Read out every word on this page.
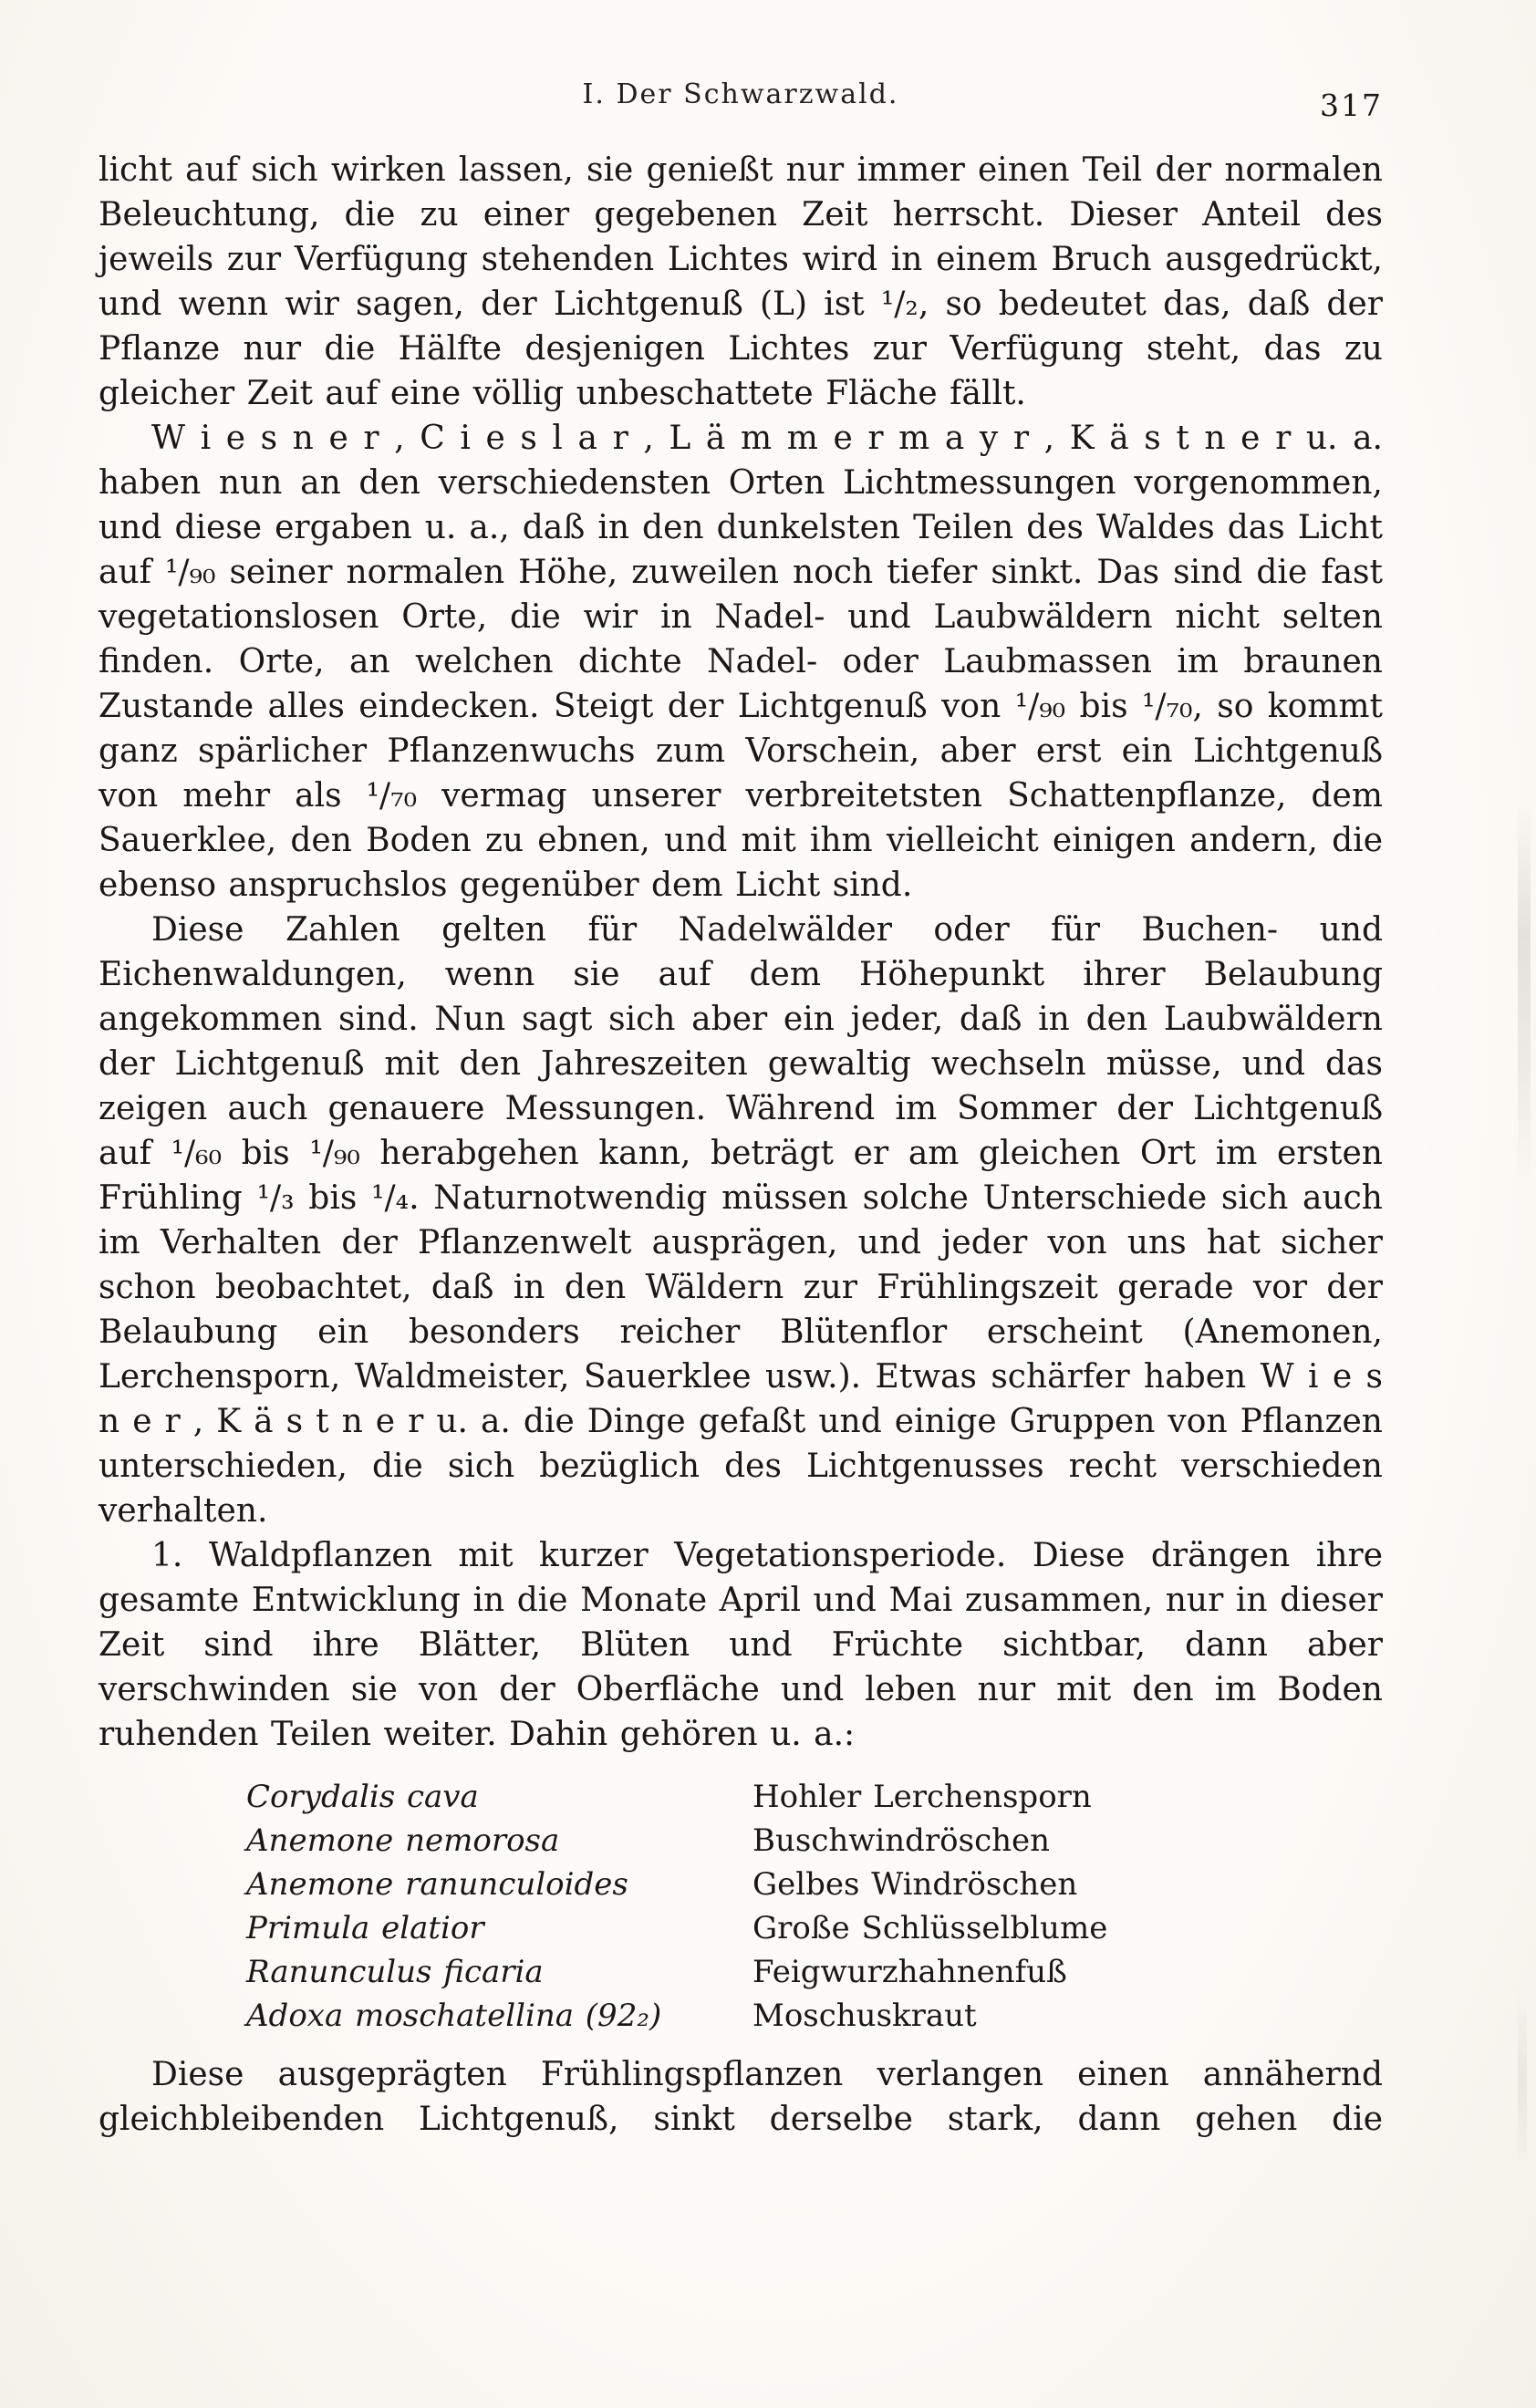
I. Der Schwarzwald.	317

licht auf sich wirken lassen, sie genießt nur immer einen Teil der normalen Beleuchtung, die zu einer gegebenen Zeit herrscht. Dieser Anteil des jeweils zur Verfügung stehenden Lichtes wird in einem Bruch ausgedrückt, und wenn wir sagen, der Lichtgenuß (L) ist ¹/₂, so bedeutet das, daß der Pflanze nur die Hälfte desjenigen Lichtes zur Verfügung steht, das zu gleicher Zeit auf eine völlig unbeschattete Fläche fällt.

W i e s n e r , C i e s l a r , L ä m m e r m a y r , K ä s t n e r u. a. haben nun an den verschiedensten Orten Lichtmessungen vorgenommen, und diese ergaben u. a., daß in den dunkelsten Teilen des Waldes das Licht auf ¹/₉₀ seiner normalen Höhe, zuweilen noch tiefer sinkt. Das sind die fast vegetationslosen Orte, die wir in Nadel- und Laubwäldern nicht selten finden. Orte, an welchen dichte Nadel- oder Laubmassen im braunen Zustande alles eindecken. Steigt der Lichtgenuß von ¹/₉₀ bis ¹/₇₀, so kommt ganz spärlicher Pflanzenwuchs zum Vorschein, aber erst ein Lichtgenuß von mehr als ¹/₇₀ vermag unserer verbreitetsten Schattenpflanze, dem Sauerklee, den Boden zu ebnen, und mit ihm vielleicht einigen andern, die ebenso anspruchslos gegenüber dem Licht sind.

Diese Zahlen gelten für Nadelwälder oder für Buchen- und Eichenwaldungen, wenn sie auf dem Höhepunkt ihrer Belaubung angekommen sind. Nun sagt sich aber ein jeder, daß in den Laubwäldern der Lichtgenuß mit den Jahreszeiten gewaltig wechseln müsse, und das zeigen auch genauere Messungen. Während im Sommer der Lichtgenuß auf ¹/₆₀ bis ¹/₉₀ herabgehen kann, beträgt er am gleichen Ort im ersten Frühling ¹/₃ bis ¹/₄. Naturnotwendig müssen solche Unterschiede sich auch im Verhalten der Pflanzenwelt ausprägen, und jeder von uns hat sicher schon beobachtet, daß in den Wäldern zur Frühlingszeit gerade vor der Belaubung ein besonders reicher Blütenflor erscheint (Anemonen, Lerchensporn, Waldmeister, Sauerklee usw.). Etwas schärfer haben W i e s n e r , K ä s t n e r u. a. die Dinge gefaßt und einige Gruppen von Pflanzen unterschieden, die sich bezüglich des Lichtgenusses recht verschieden verhalten.

1. Waldpflanzen mit kurzer Vegetationsperiode. Diese drängen ihre gesamte Entwicklung in die Monate April und Mai zusammen, nur in dieser Zeit sind ihre Blätter, Blüten und Früchte sichtbar, dann aber verschwinden sie von der Oberfläche und leben nur mit den im Boden ruhenden Teilen weiter. Dahin gehören u. a.:

Corydalis cava	Hohler Lerchensporn
Anemone nemorosa	Buschwindröschen
Anemone ranunculoides	Gelbes Windröschen
Primula elatior	Große Schlüsselblume
Ranunculus ficaria	Feigwurzhahnenfuß
Adoxa moschatellina (92₂)	Moschuskraut

Diese ausgeprägten Frühlingspflanzen verlangen einen annähernd gleichbleibenden Lichtgenuß, sinkt derselbe stark, dann gehen die
